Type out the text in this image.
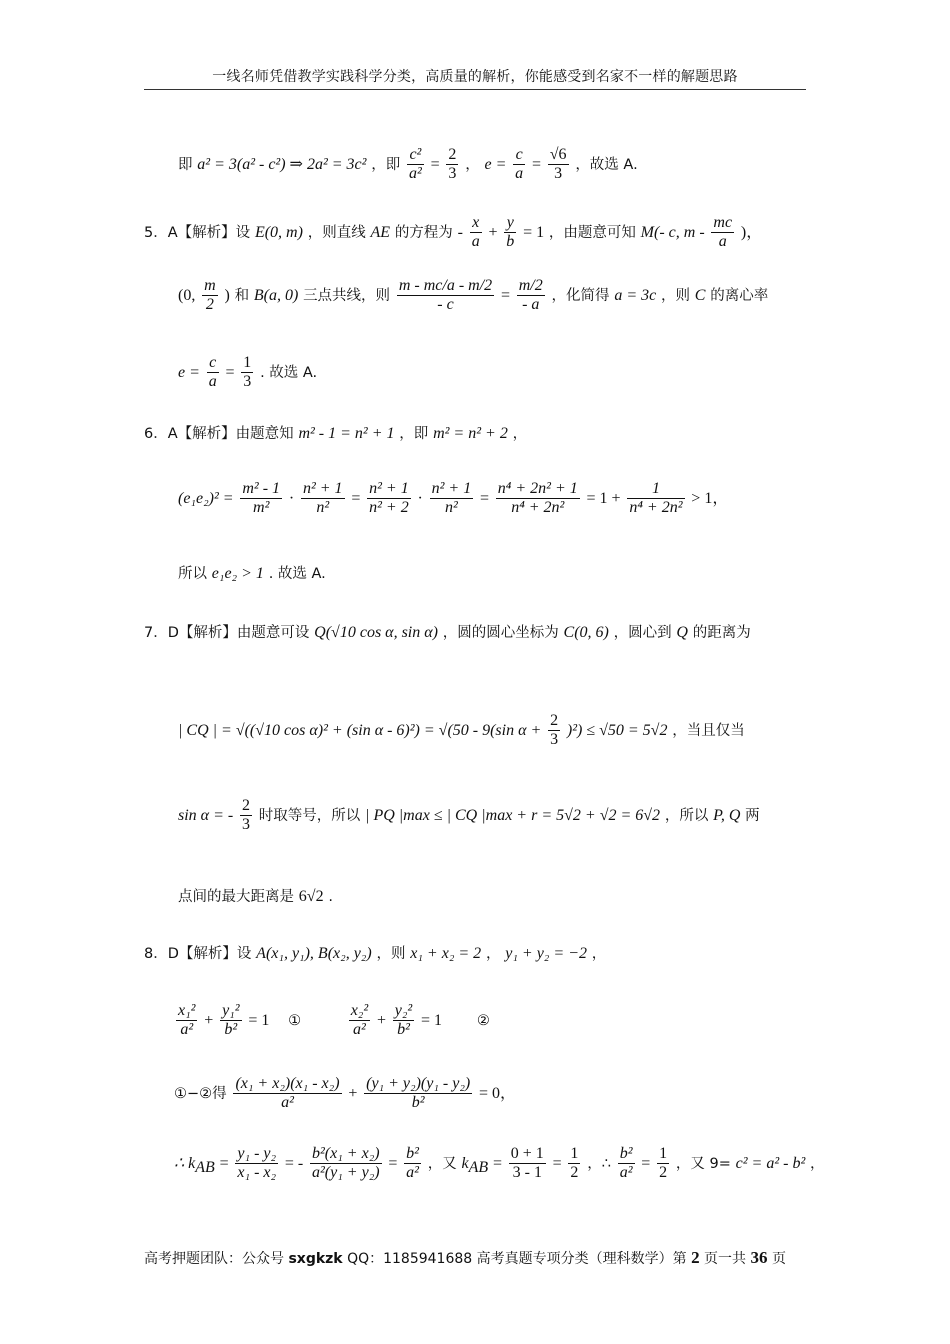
一线名师凭借教学实践科学分类，高质量的解析，你能感受到名家不一样的解题思路
即 a² = 3(a² - c²) ⇒ 2a² = 3c² ，即 $\frac{\text{c²}}{\text{a²}} = \frac{2}{3}$ ， $e = \frac{c}{a} = \frac{√6}{3}$ ，故选 A.
5．A【解析】设 E(0, m) ，则直线 AE 的方程为 - $\frac{x}{a} + \frac{y}{b} = 1$ ，由题意可知 M(- c, m - $\frac{mc}{a}$ )，
(0, $\frac{m}{2}$ ) 和 B(a, 0) 三点共线，则 $\frac{m - mc/a - m/2}{- c} = \frac{m/2}{- a}$ ，化简得 a = 3c ，则 C 的离心率
$e = \frac{c}{a} = \frac{1}{3}$ . 故选 A.
6．A【解析】由题意知 m² - 1 = n² + 1 ，即 m² = n² + 2 ，
$(e_1e_2)^2 = \frac{\text{m² - 1}}{\text{m²}} \cdot \frac{\text{n² + 1}}{\text{n²}} = \frac{\text{n² + 1}}{\text{n² + 2}} \cdot \frac{\text{n² + 1}}{\text{n²}} = \frac{\text{n⁴ + 2n² + 1}}{\text{n⁴ + 2n²}} = 1 + \frac{1}{\text{n⁴ + 2n²}} > 1$，
所以 e₁e₂ > 1 . 故选 A.
7．D【解析】由题意可设 Q(√10 cos α, sin α) ，圆的圆心坐标为 C(0, 6) ，圆心到 Q 的距离为
| CQ | = √((√10 cos α)² + (sin α - 6)²) = √(50 - 9(sin $\alpha + \frac{2}{3} )^2) \le √50 = 5√2$ ，当且仅当
sin α = - $\frac{2}{3}$ 时取等号，所以 | PQ |max ≤ | CQ |max + r = 5√2 + √2 = 6√2 ，所以 P, Q 两
点间的最大距离是 6√2 .
8．D【解析】设 A(x₁, y₁), B(x₂, y₂) ，则 x₁ + x₂ = 2 ， y₁ + y₂ = −2 ，
$\frac{\text{x₁²}}{\text{a²}} + \frac{\text{y₁²}}{\text{b²}} = 1$ ①	$\frac{\text{x₂²}}{\text{a²}} + \frac{\text{y₂²}}{\text{b²}} = 1$ ②
①−②得 $\frac{\text{(x₁ + x₂)(x₁ - x₂)}}{\text{a²}} + \frac{\text{(y₁ + y₂)(y₁ - y₂)}}{\text{b²}} = 0$，
∴ $k_{AB} = \frac{\text{y₁ - y₂}}{\text{x₁ - x₂}}$ = - $\frac{\text{b²(x₁ + x₂)}}{\text{a²(y₁ + y₂)}} = \frac{\text{b²}}{\text{a²}}$ ，又 $k_{AB} = \frac{0 + 1}{3 - 1} = \frac{1}{2}$ ，∴ $\frac{\text{b²}}{\text{a²}} = \frac{1}{2}$ ，又 9= c² = a² - b² ，
高考押题团队：公众号 sxgkzk QQ：1185941688 高考真题专项分类（理科数学）第 2 页一共 36 页
